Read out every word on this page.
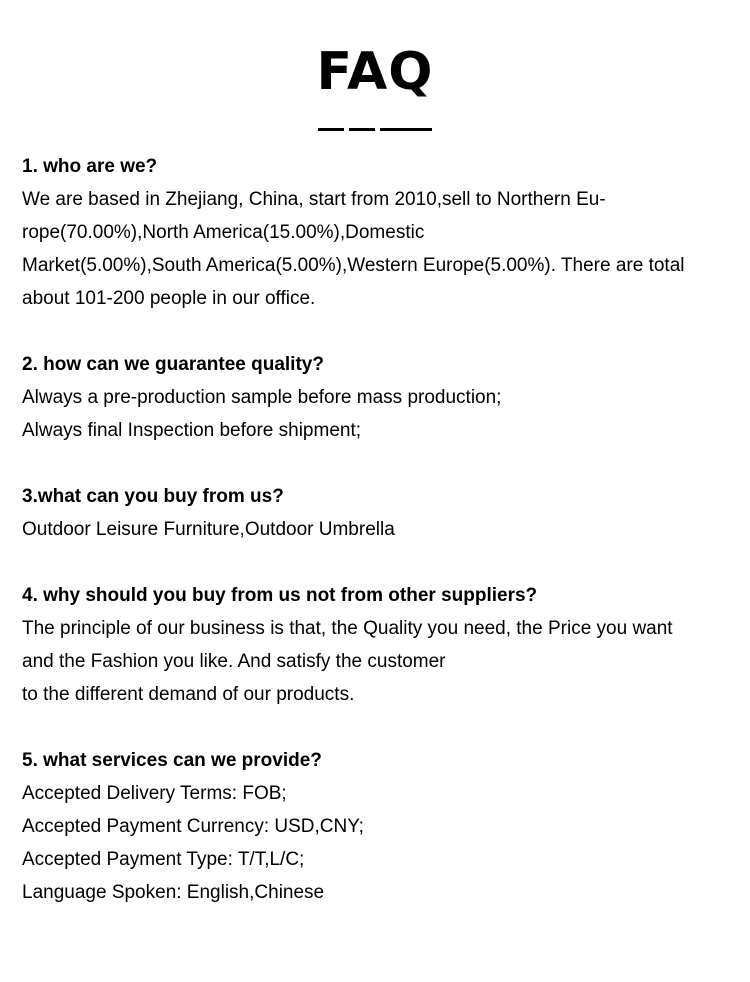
FAQ
1. who are we?
We are based in Zhejiang, China, start from 2010,sell to Northern Eu-
rope(70.00%),North America(15.00%),Domestic
Market(5.00%),South America(5.00%),Western Europe(5.00%). There are total
about 101-200 people in our office.
2. how can we guarantee quality?
Always a pre-production sample before mass production;
Always final Inspection before shipment;
3.what can you buy from us?
Outdoor Leisure Furniture,Outdoor Umbrella
4. why should you buy from us not from other suppliers?
The principle of our business is that, the Quality you need, the Price you want
and the Fashion you like. And satisfy the customer
to the different demand of our products.
5. what services can we provide?
Accepted Delivery Terms: FOB;
Accepted Payment Currency: USD,CNY;
Accepted Payment Type: T/T,L/C;
Language Spoken: English,Chinese
